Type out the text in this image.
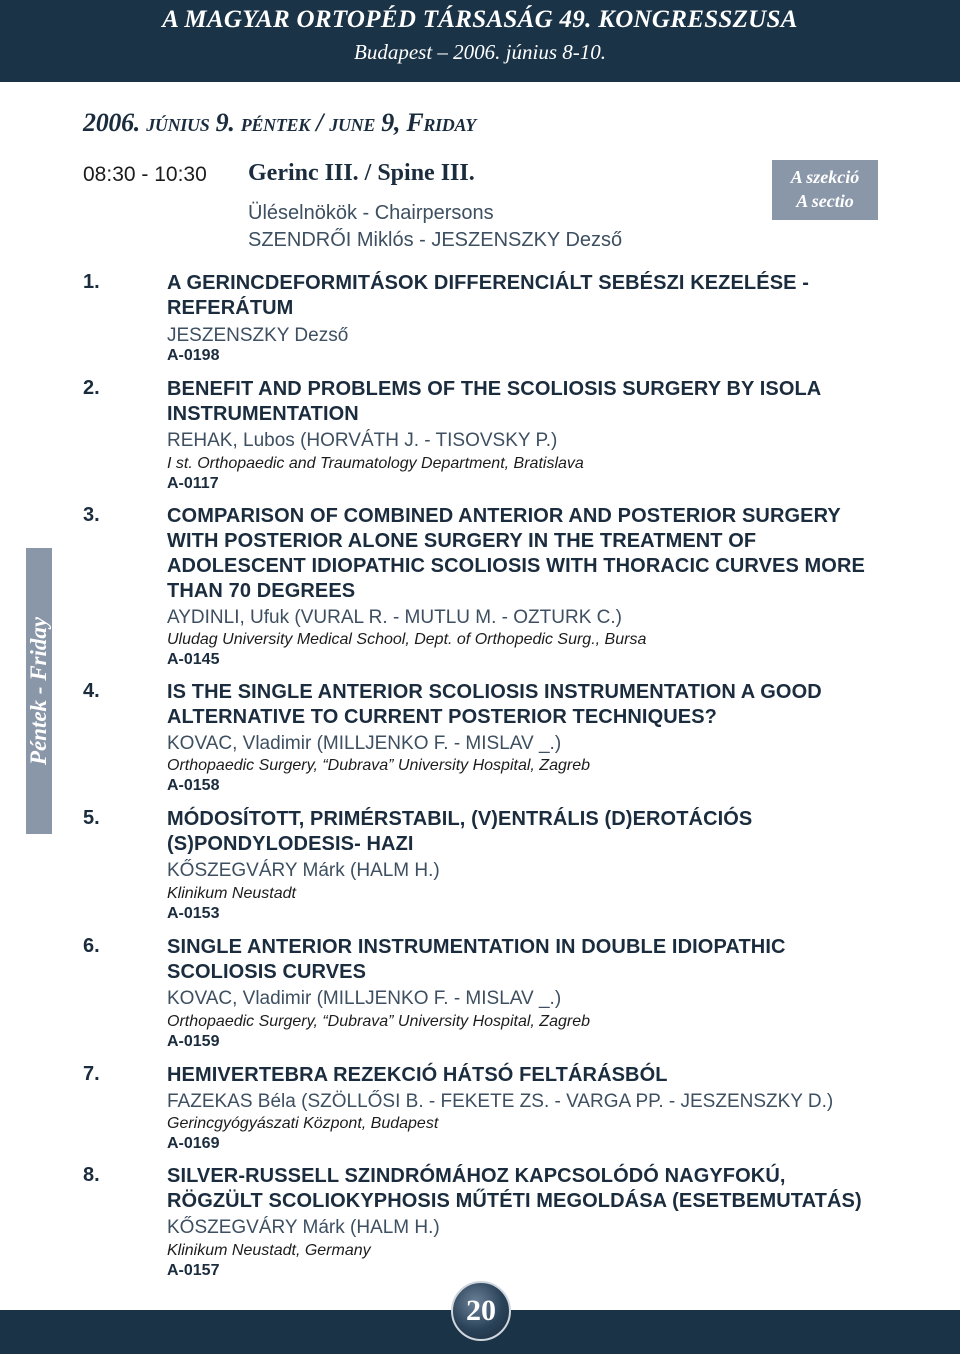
A MAGYAR ORTOPÉD TÁRSASÁG 49. KONGRESSZUSA
Budapest – 2006. június 8-10.
2006. június 9. péntek / june 9, Friday
08:30 - 10:30 Gerinc III. / Spine III.
Üléselnökök - Chairpersons
SZENDRŐI Miklós - JESZENSZKY Dezső
A szekció
A sectio
Péntek - Friday
1.	A GERINCDEFORMITÁSOK DIFFERENCIÁLT SEBÉSZI KEZELÉSE - REFERÁTUM
JESZENSZKY Dezső
A-0198
2.	BENEFIT AND PROBLEMS OF THE SCOLIOSIS SURGERY BY ISOLA INSTRUMENTATION
REHAK, Lubos (HORVÁTH J. - TISOVSKY P.)
I st. Orthopaedic and Traumatology Department, Bratislava
A-0117
3.	COMPARISON OF COMBINED ANTERIOR AND POSTERIOR SURGERY WITH POSTERIOR ALONE SURGERY IN THE TREATMENT OF ADOLESCENT IDIOPATHIC SCOLIOSIS WITH THORACIC CURVES MORE THAN 70 DEGREES
AYDINLI, Ufuk (VURAL R. - MUTLU M. - OZTURK C.)
Uludag University Medical School, Dept. of Orthopedic Surg., Bursa
A-0145
4.	IS THE SINGLE ANTERIOR SCOLIOSIS INSTRUMENTATION A GOOD ALTERNATIVE TO CURRENT POSTERIOR TECHNIQUES?
KOVAC, Vladimir (MILLJENKO F. - MISLAV _.)
Orthopaedic Surgery, “Dubrava” University Hospital, Zagreb
A-0158
5.	MÓDOSÍTOTT, PRIMÉRSTABIL, (V)ENTRÁLIS (D)EROTÁCIÓS (S)PONDYLODESIS- HAZI
KŐSZEGVÁRY Márk (HALM H.)
Klinikum Neustadt
A-0153
6.	SINGLE ANTERIOR INSTRUMENTATION IN DOUBLE IDIOPATHIC SCOLIOSIS CURVES
KOVAC, Vladimir (MILLJENKO F. - MISLAV _.)
Orthopaedic Surgery, “Dubrava” University Hospital, Zagreb
A-0159
7.	HEMIVERTEBRA REZEKCIÓ HÁTSÓ FELTÁRÁSBÓL
FAZEKAS Béla (SZÖLLŐSI B. - FEKETE ZS. - VARGA PP. - JESZENSZKY D.)
Gerincgyógyászati Központ, Budapest
A-0169
8.	SILVER-RUSSELL SZINDRÓMÁHOZ KAPCSOLÓDÓ NAGYFOKÚ, RÖGZÜLT SCOLIOKYPHOSIS MŰTÉTI MEGOLDÁSA (ESETBEMUTATÁS)
KŐSZEGVÁRY Márk (HALM H.)
Klinikum Neustadt, Germany
A-0157
20
